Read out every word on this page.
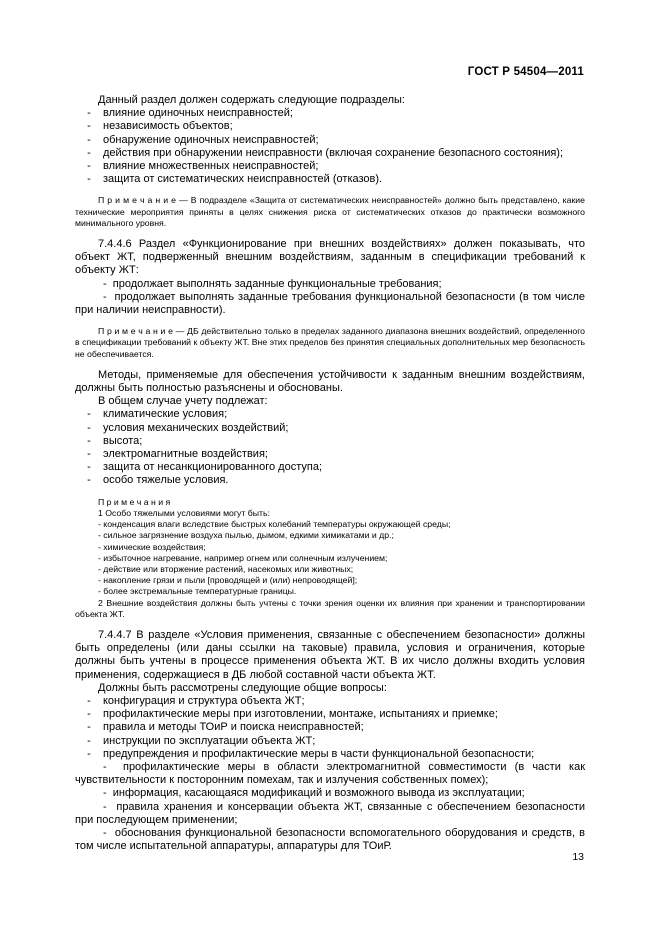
ГОСТ Р 54504—2011

Данный раздел должен содержать следующие подразделы:

- влияние одиночных неисправностей;

- независимость объектов;

- обнаружение одиночных неисправностей;

- действия при обнаружении неисправности (включая сохранение безопасного состояния);

- влияние множественных неисправностей;

- защита от систематических неисправностей (отказов).

П р и м е ч а н и е — В подразделе «Защита от систематических неисправностей» должно быть представлено, какие технические мероприятия приняты в целях снижения риска от систематических отказов до практически возможного минимального уровня.

7.4.4.6 Раздел «Функционирование при внешних воздействиях» должен показывать, что объект ЖТ, подверженный внешним воздействиям, заданным в спецификации требований к объекту ЖТ:

-  продолжает выполнять заданные функциональные требования;

-  продолжает выполнять заданные требования функциональной безопасности (в том числе при наличии неисправности).

П р и м е ч а н и е — ДБ действительно только в пределах заданного диапазона внешних воздействий, определенного в спецификации требований к объекту ЖТ. Вне этих пределов без принятия специальных дополнительных мер безопасность не обеспечивается.

Методы, применяемые для обеспечения устойчивости к заданным внешним воздействиям, должны быть полностью разъяснены и обоснованы.

В общем случае учету подлежат:

- климатические условия;

- условия механических воздействий;

- высота;

- электромагнитные воздействия;

- защита от несанкционированного доступа;

- особо тяжелые условия.

П р и м е ч а н и я

1 Особо тяжелыми условиями могут быть:

- конденсация влаги вследствие быстрых колебаний температуры окружающей среды;

- сильное загрязнение воздуха пылью, дымом, едкими химикатами и др.;

- химические воздействия;

- избыточное нагревание, например огнем или солнечным излучением;

- действие или вторжение растений, насекомых или животных;

- накопление грязи и пыли [проводящей и (или) непроводящей];

- более экстремальные температурные границы.

2 Внешние воздействия должны быть учтены с точки зрения оценки их влияния при хранении и транспортировании объекта ЖТ.

7.4.4.7 В разделе «Условия применения, связанные с обеспечением безопасности» должны быть определены (или даны ссылки на таковые) правила, условия и ограничения, которые должны быть учтены в процессе применения объекта ЖТ. В их число должны входить условия применения, содержащиеся в ДБ любой составной части объекта ЖТ.

Должны быть рассмотрены следующие общие вопросы:

- конфигурация и структура объекта ЖТ;

- профилактические меры при изготовлении, монтаже, испытаниях и приемке;

- правила и методы ТОиР и поиска неисправностей;

- инструкции по эксплуатации объекта ЖТ;

- предупреждения и профилактические меры в части функциональной безопасности;

-  профилактические меры в области электромагнитной совместимости (в части как чувствительности к посторонним помехам, так и излучения собственных помех);

-  информация, касающаяся модификаций и возможного вывода из эксплуатации;

-  правила хранения и консервации объекта ЖТ, связанные с обеспечением безопасности при последующем применении;

-  обоснования функциональной безопасности вспомогательного оборудования и средств, в том числе испытательной аппаратуры, аппаратуры для ТОиР.

13
